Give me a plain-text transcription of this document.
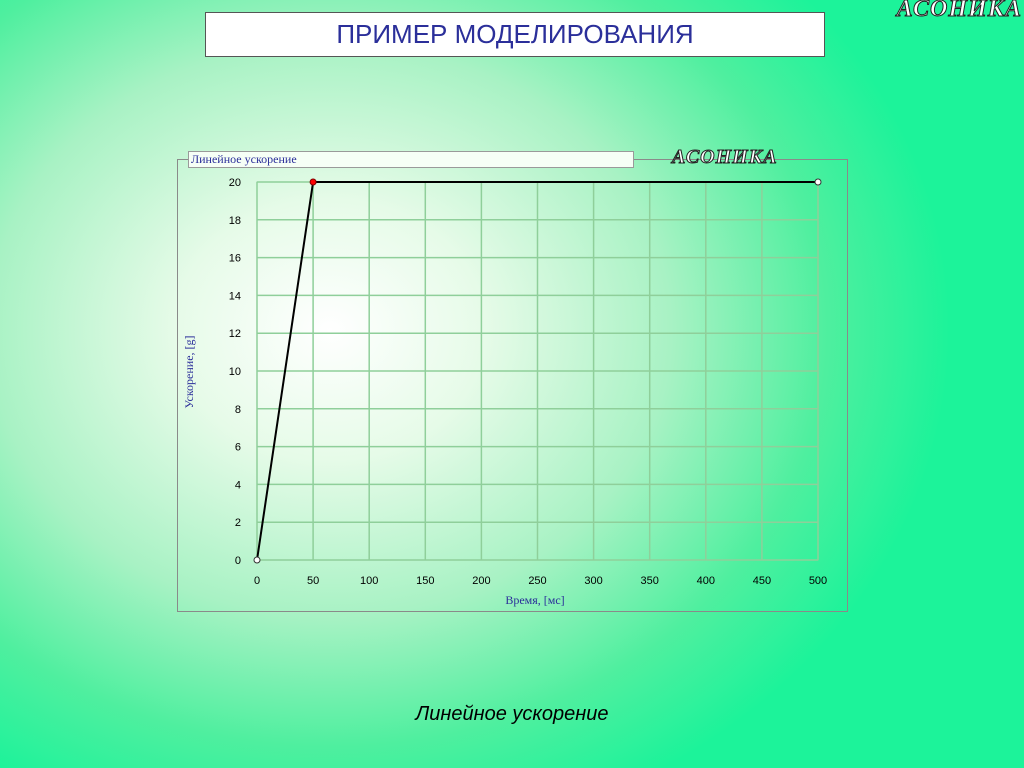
ПРИМЕР МОДЕЛИРОВАНИЯ
АСОНИКА
Линейное ускорение	АСОНИКА
0	50	100	150	200	250	300	350	400	450	500
0
2
4
6
8
10
12
14
16
18
20
Время, [мс]
Ускорение, [g]
Линейное ускорение
